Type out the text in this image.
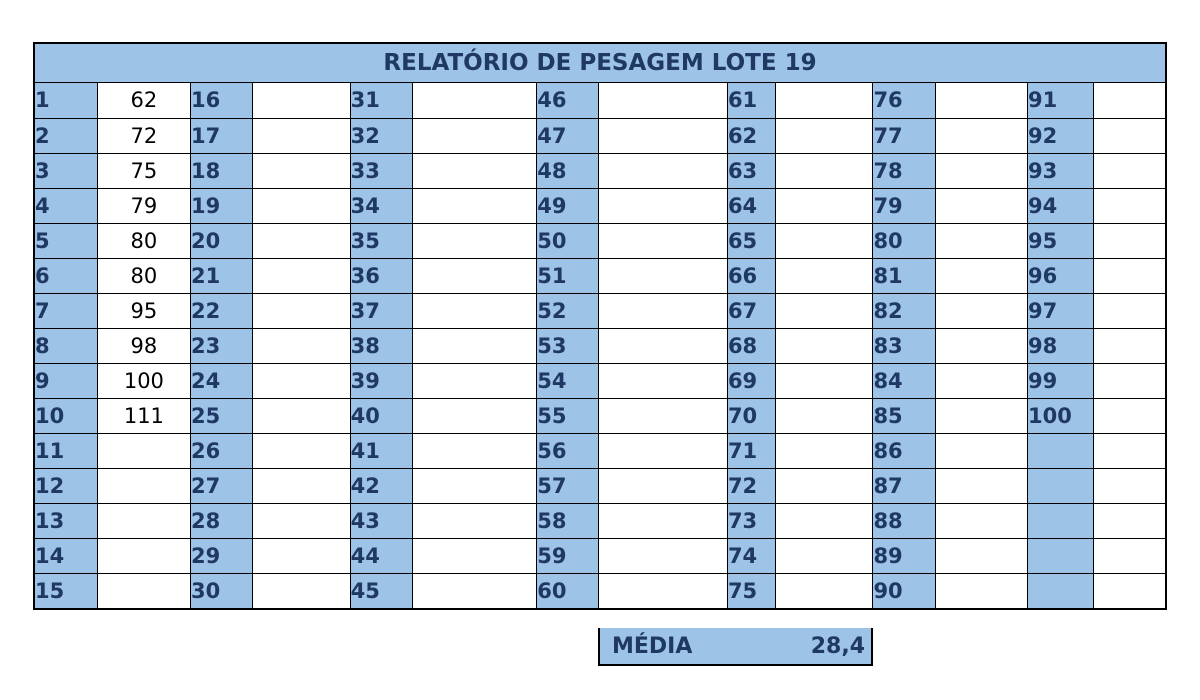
RELATÓRIO DE PESAGEM LOTE 19
1	62	16		31		46		61		76		91	
2	72	17		32		47		62		77		92	
3	75	18		33		48		63		78		93	
4	79	19		34		49		64		79		94	
5	80	20		35		50		65		80		95	
6	80	21		36		51		66		81		96	
7	95	22		37		52		67		82		97	
8	98	23		38		53		68		83		98	
9	100	24		39		54		69		84		99	
10	111	25		40		55		70		85		100	
11		26		41		56		71		86			
12		27		42		57		72		87			
13		28		43		58		73		88			
14		29		44		59		74		89			
15		30		45		60		75		90			
MÉDIA	28,4
